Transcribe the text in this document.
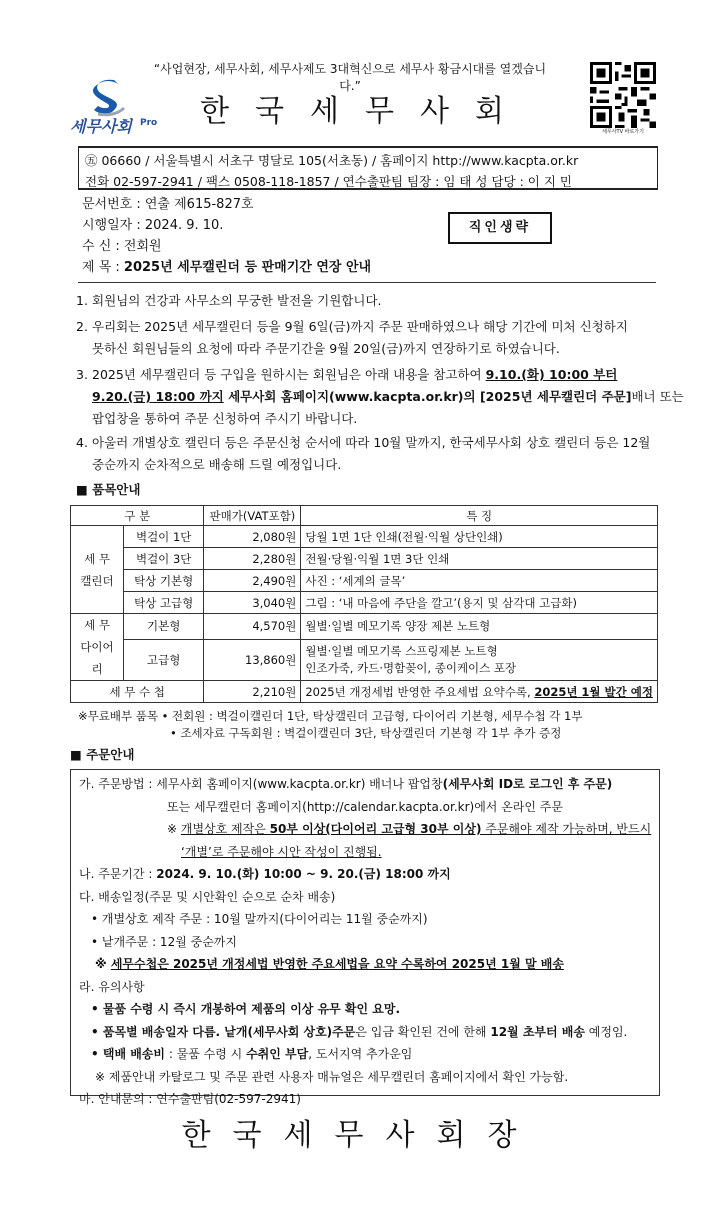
“사업현장, 세무사회, 세무사제도 3대혁신으로 세무사 황금시대를 열겠습니다.”
세무사회 Pro 한국세무사회
세무사TV 바로가기
㊄ 06660 / 서울특별시 서초구 명달로 105(서초동) / 홈페이지 http://www.kacpta.or.kr
전화 02-597-2941 / 팩스 0508-118-1857 / 연수출판팀 팀장 : 임 태 성 담당 : 이 지 민
문서번호 : 연출 제615-827호
시행일자 : 2024. 9. 10.
수 신 : 전회원
제 목 : 2025년 세무캘린더 등 판매기간 연장 안내
직인생략
1. 회원님의 건강과 사무소의 무궁한 발전을 기원합니다.
2. 우리회는 2025년 세무캘린더 등을 9월 6일(금)까지 주문 판매하였으나 해당 기간에 미처 신청하지
못하신 회원님들의 요청에 따라 주문기간을 9월 20일(금)까지 연장하기로 하였습니다.
3. 2025년 세무캘린더 등 구입을 원하시는 회원님은 아래 내용을 참고하여 9.10.(화) 10:00 부터
9.20.(금) 18:00 까지 세무사회 홈페이지(www.kacpta.or.kr)의 [2025년 세무캘린더 주문]배너 또는
팝업창을 통하여 주문 신청하여 주시기 바랍니다.
4. 아울러 개별상호 캘린더 등은 주문신청 순서에 따라 10월 말까지, 한국세무사회 상호 캘린더 등은 12월
중순까지 순차적으로 배송해 드릴 예정입니다.
■ 품목안내
구 분		판매가(VAT포함)	특 징

세 무
캘린더	벽걸이 1단	2,080원	당월 1면 1단 인쇄(전월·익월 상단인쇄)
	벽걸이 3단	2,280원	전월·당월·익월 1면 3단 인쇄
	탁상 기본형	2,490원	사진 : ‘세계의 글목’
	탁상 고급형	3,040원	그림 : ‘내 마음에 주단을 깔고’(용지 및 삼각대 고급화)

세 무
다이어리	기본형	4,570원	월별·일별 메모기록 양장 제본 노트형
	고급형	13,860원	월별·일별 메모기록 스프링제본 노트형
인조가죽, 카드·명함꽂이, 종이케이스 포장

세 무 수 첩		2,210원	2025년 개정세법 반영한 주요세법 요약수록, 2025년 1월 발간 예정
※무료배부 품목 • 전회원 : 벽걸이캘린더 1단, 탁상캘린더 고급형, 다이어리 기본형, 세무수첩 각 1부
• 조세자료 구독회원 : 벽걸이캘린더 3단, 탁상캘린더 기본형 각 1부 추가 증정
■ 주문안내
가. 주문방법 : 세무사회 홈페이지(www.kacpta.or.kr) 배너나 팝업창(세무사회 ID로 로그인 후 주문)
또는 세무캘린더 홈페이지(http://calendar.kacpta.or.kr)에서 온라인 주문
※ 개별상호 제작은 50부 이상(다이어리 고급형 30부 이상) 주문해야 제작 가능하며, 반드시
‘개별’로 주문해야 시안 작성이 진행됨.
나. 주문기간 : 2024. 9. 10.(화) 10:00 ~ 9. 20.(금) 18:00 까지
다. 배송일정(주문 및 시안확인 순으로 순차 배송)
• 개별상호 제작 주문 : 10월 말까지(다이어리는 11월 중순까지)
• 낱개주문 : 12월 중순까지
※ 세무수첩은 2025년 개정세법 반영한 주요세법을 요약 수록하여 2025년 1월 말 배송
라. 유의사항
• 물품 수령 시 즉시 개봉하여 제품의 이상 유무 확인 요망.
• 품목별 배송일자 다름. 낱개(세무사회 상호)주문은 입금 확인된 건에 한해 12월 초부터 배송 예정임.
• 택배 배송비 : 물품 수령 시 수취인 부담, 도서지역 추가운임
※ 제품안내 카탈로그 및 주문 관련 사용자 매뉴얼은 세무캘린더 홈페이지에서 확인 가능함.
마. 안내문의 : 연수출판팀(02-597-2941)
한국세무사회장
